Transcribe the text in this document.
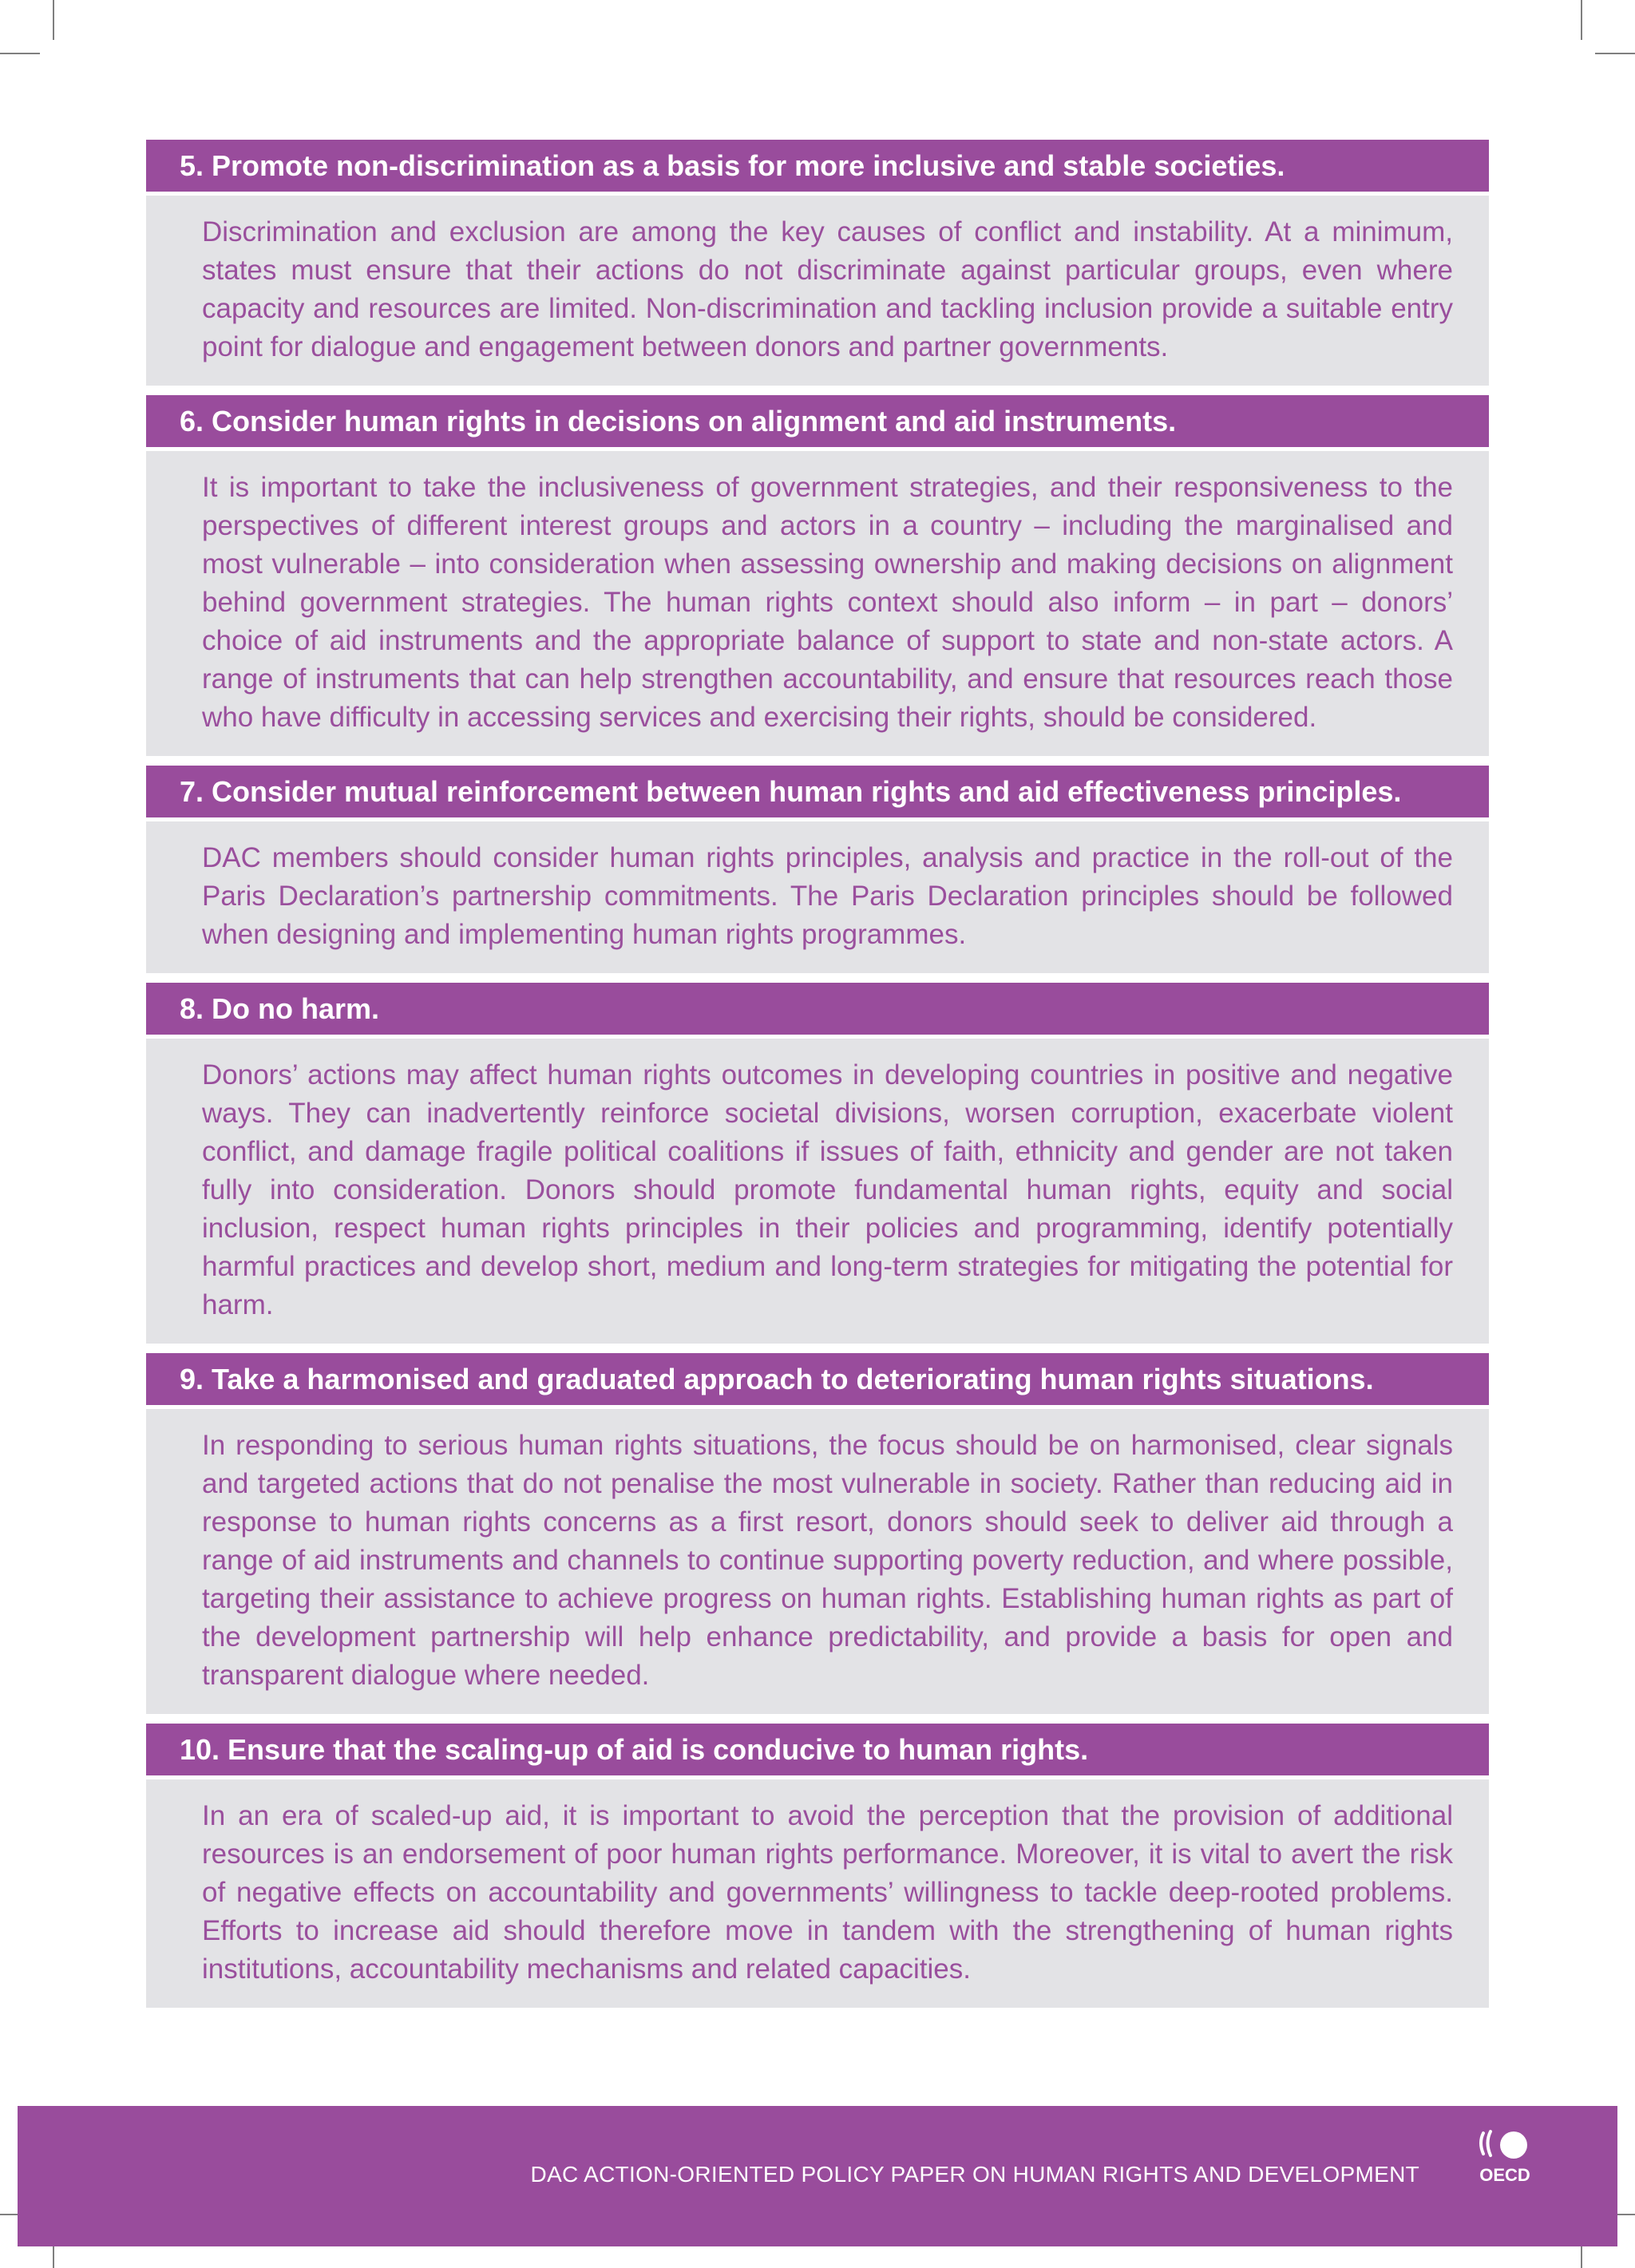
5. Promote non-discrimination as a basis for more inclusive and stable societies.

Discrimination and exclusion are among the key causes of conflict and instability. At a minimum, states must ensure that their actions do not discriminate against particular groups, even where capacity and resources are limited. Non-discrimination and tackling inclusion provide a suitable entry point for dialogue and engagement between donors and partner governments.

6. Consider human rights in decisions on alignment and aid instruments.

It is important to take the inclusiveness of government strategies, and their responsiveness to the perspectives of different interest groups and actors in a country – including the marginalised and most vulnerable – into consideration when assessing ownership and making decisions on alignment behind government strategies. The human rights context should also inform – in part – donors’ choice of aid instruments and the appropriate balance of support to state and non-state actors. A range of instruments that can help strengthen accountability, and ensure that resources reach those who have difficulty in accessing services and exercising their rights, should be considered.

7. Consider mutual reinforcement between human rights and aid effectiveness principles.

DAC members should consider human rights principles, analysis and practice in the roll-out of the Paris Declaration’s partnership commitments. The Paris Declaration principles should be followed when designing and implementing human rights programmes.

8. Do no harm.

Donors’ actions may affect human rights outcomes in developing countries in positive and negative ways. They can inadvertently reinforce societal divisions, worsen corruption, exacerbate violent conflict, and damage fragile political coalitions if issues of faith, ethnicity and gender are not taken fully into consideration. Donors should promote fundamental human rights, equity and social inclusion, respect human rights principles in their policies and programming, identify potentially harmful practices and develop short, medium and long-term strategies for mitigating the potential for harm.

9. Take a harmonised and graduated approach to deteriorating human rights situations.

In responding to serious human rights situations, the focus should be on harmonised, clear signals and targeted actions that do not penalise the most vulnerable in society. Rather than reducing aid in response to human rights concerns as a first resort, donors should seek to deliver aid through a range of aid instruments and channels to continue supporting poverty reduction, and where possible, targeting their assistance to achieve progress on human rights. Establishing human rights as part of the development partnership will help enhance predictability, and provide a basis for open and transparent dialogue where needed.

10. Ensure that the scaling-up of aid is conducive to human rights.

In an era of scaled-up aid, it is important to avoid the perception that the provision of additional resources is an endorsement of poor human rights performance. Moreover, it is vital to avert the risk of negative effects on accountability and governments’ willingness to tackle deep-rooted problems. Efforts to increase aid should therefore move in tandem with the strengthening of human rights institutions, accountability mechanisms and related capacities.

DAC ACTION-ORIENTED POLICY PAPER ON HUMAN RIGHTS AND DEVELOPMENT	OECD
